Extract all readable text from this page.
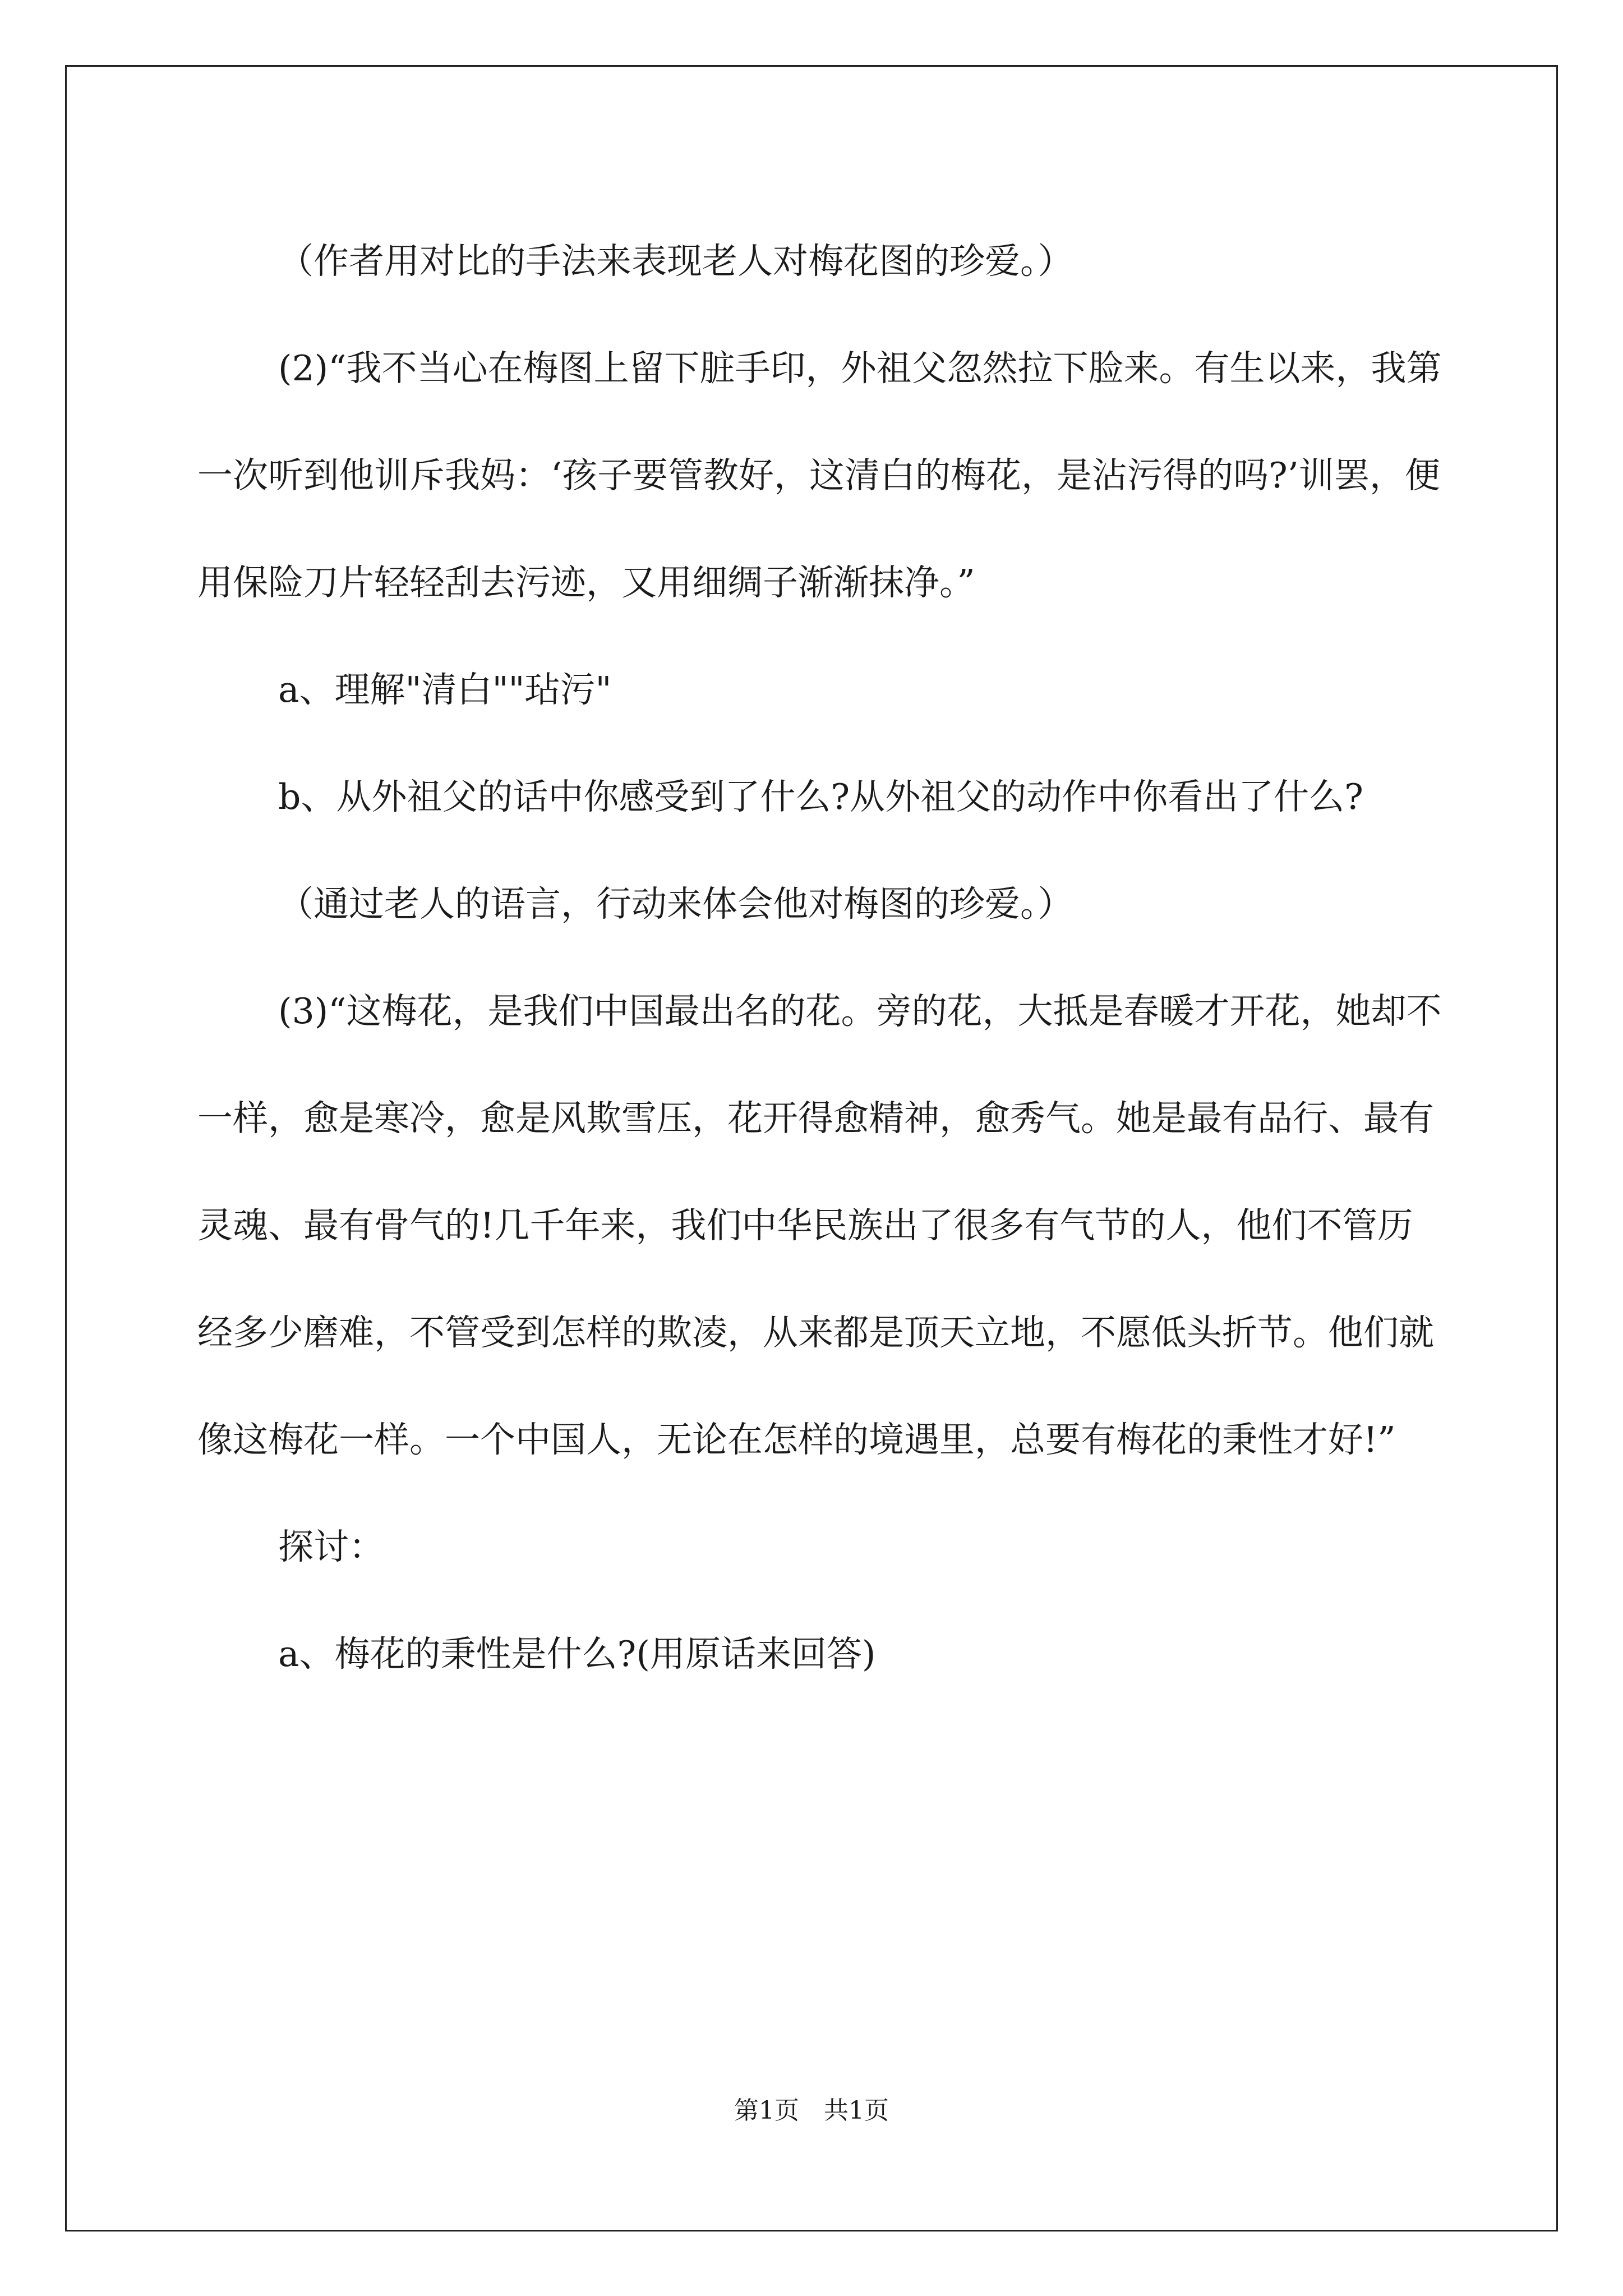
（作者用对比的手法来表现老人对梅花图的珍爱。）

(2)“我不当心在梅图上留下脏手印，外祖父忽然拉下脸来。有生以来，我第一次听到他训斥我妈：‘孩子要管教好，这清白的梅花，是沾污得的吗?’训罢，便用保险刀片轻轻刮去污迹，又用细绸子渐渐抹净。”

a、理解"清白""玷污"

b、从外祖父的话中你感受到了什么?从外祖父的动作中你看出了什么?

（通过老人的语言，行动来体会他对梅图的珍爱。）

(3)“这梅花，是我们中国最出名的花。旁的花，大抵是春暖才开花，她却不一样，愈是寒冷，愈是风欺雪压，花开得愈精神，愈秀气。她是最有品行、最有灵魂、最有骨气的!几千年来，我们中华民族出了很多有气节的人，他们不管历经多少磨难，不管受到怎样的欺凌，从来都是顶天立地，不愿低头折节。他们就像这梅花一样。一个中国人，无论在怎样的境遇里，总要有梅花的秉性才好!”

探讨：

a、梅花的秉性是什么?(用原话来回答)

第1页 共1页
